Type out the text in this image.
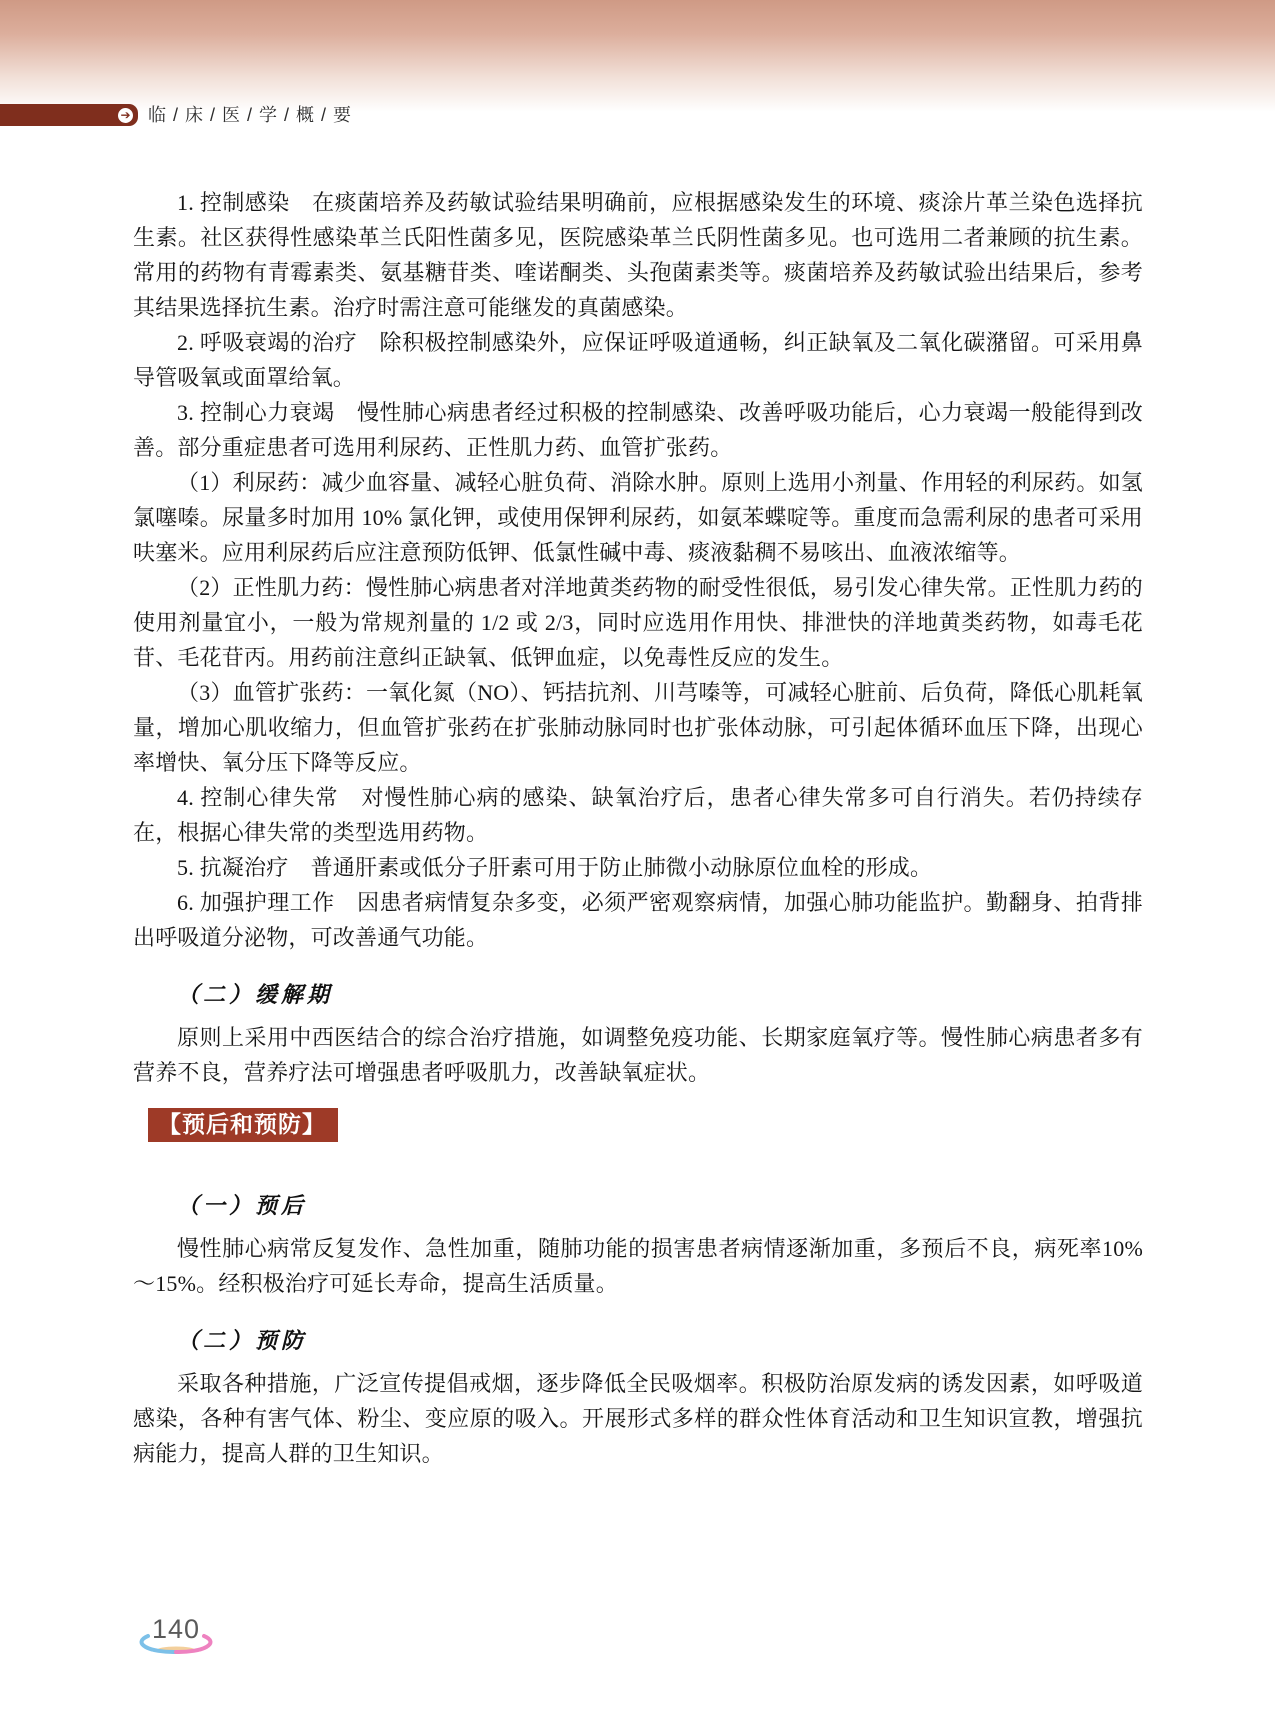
➔ 临 / 床 / 医 / 学 / 概 / 要

1. 控制感染　在痰菌培养及药敏试验结果明确前，应根据感染发生的环境、痰涂片革兰染色选择抗生素。社区获得性感染革兰氏阳性菌多见，医院感染革兰氏阴性菌多见。也可选用二者兼顾的抗生素。常用的药物有青霉素类、氨基糖苷类、喹诺酮类、头孢菌素类等。痰菌培养及药敏试验出结果后，参考其结果选择抗生素。治疗时需注意可能继发的真菌感染。

2. 呼吸衰竭的治疗　除积极控制感染外，应保证呼吸道通畅，纠正缺氧及二氧化碳潴留。可采用鼻导管吸氧或面罩给氧。

3. 控制心力衰竭　慢性肺心病患者经过积极的控制感染、改善呼吸功能后，心力衰竭一般能得到改善。部分重症患者可选用利尿药、正性肌力药、血管扩张药。

（1）利尿药：减少血容量、减轻心脏负荷、消除水肿。原则上选用小剂量、作用轻的利尿药。如氢氯噻嗪。尿量多时加用 10% 氯化钾，或使用保钾利尿药，如氨苯蝶啶等。重度而急需利尿的患者可采用呋塞米。应用利尿药后应注意预防低钾、低氯性碱中毒、痰液黏稠不易咳出、血液浓缩等。

（2）正性肌力药：慢性肺心病患者对洋地黄类药物的耐受性很低，易引发心律失常。正性肌力药的使用剂量宜小，一般为常规剂量的 1/2 或 2/3，同时应选用作用快、排泄快的洋地黄类药物，如毒毛花苷、毛花苷丙。用药前注意纠正缺氧、低钾血症，以免毒性反应的发生。

（3）血管扩张药：一氧化氮（NO）、钙拮抗剂、川芎嗪等，可减轻心脏前、后负荷，降低心肌耗氧量，增加心肌收缩力，但血管扩张药在扩张肺动脉同时也扩张体动脉，可引起体循环血压下降，出现心率增快、氧分压下降等反应。

4. 控制心律失常　对慢性肺心病的感染、缺氧治疗后，患者心律失常多可自行消失。若仍持续存在，根据心律失常的类型选用药物。

5. 抗凝治疗　普通肝素或低分子肝素可用于防止肺微小动脉原位血栓的形成。

6. 加强护理工作　因患者病情复杂多变，必须严密观察病情，加强心肺功能监护。勤翻身、拍背排出呼吸道分泌物，可改善通气功能。

（二）缓解期

原则上采用中西医结合的综合治疗措施，如调整免疫功能、长期家庭氧疗等。慢性肺心病患者多有营养不良，营养疗法可增强患者呼吸肌力，改善缺氧症状。

【预后和预防】
（一）预后

慢性肺心病常反复发作、急性加重，随肺功能的损害患者病情逐渐加重，多预后不良，病死率10%～15%。经积极治疗可延长寿命，提高生活质量。

（二）预防

采取各种措施，广泛宣传提倡戒烟，逐步降低全民吸烟率。积极防治原发病的诱发因素，如呼吸道感染，各种有害气体、粉尘、变应原的吸入。开展形式多样的群众性体育活动和卫生知识宣教，增强抗病能力，提高人群的卫生知识。

140
